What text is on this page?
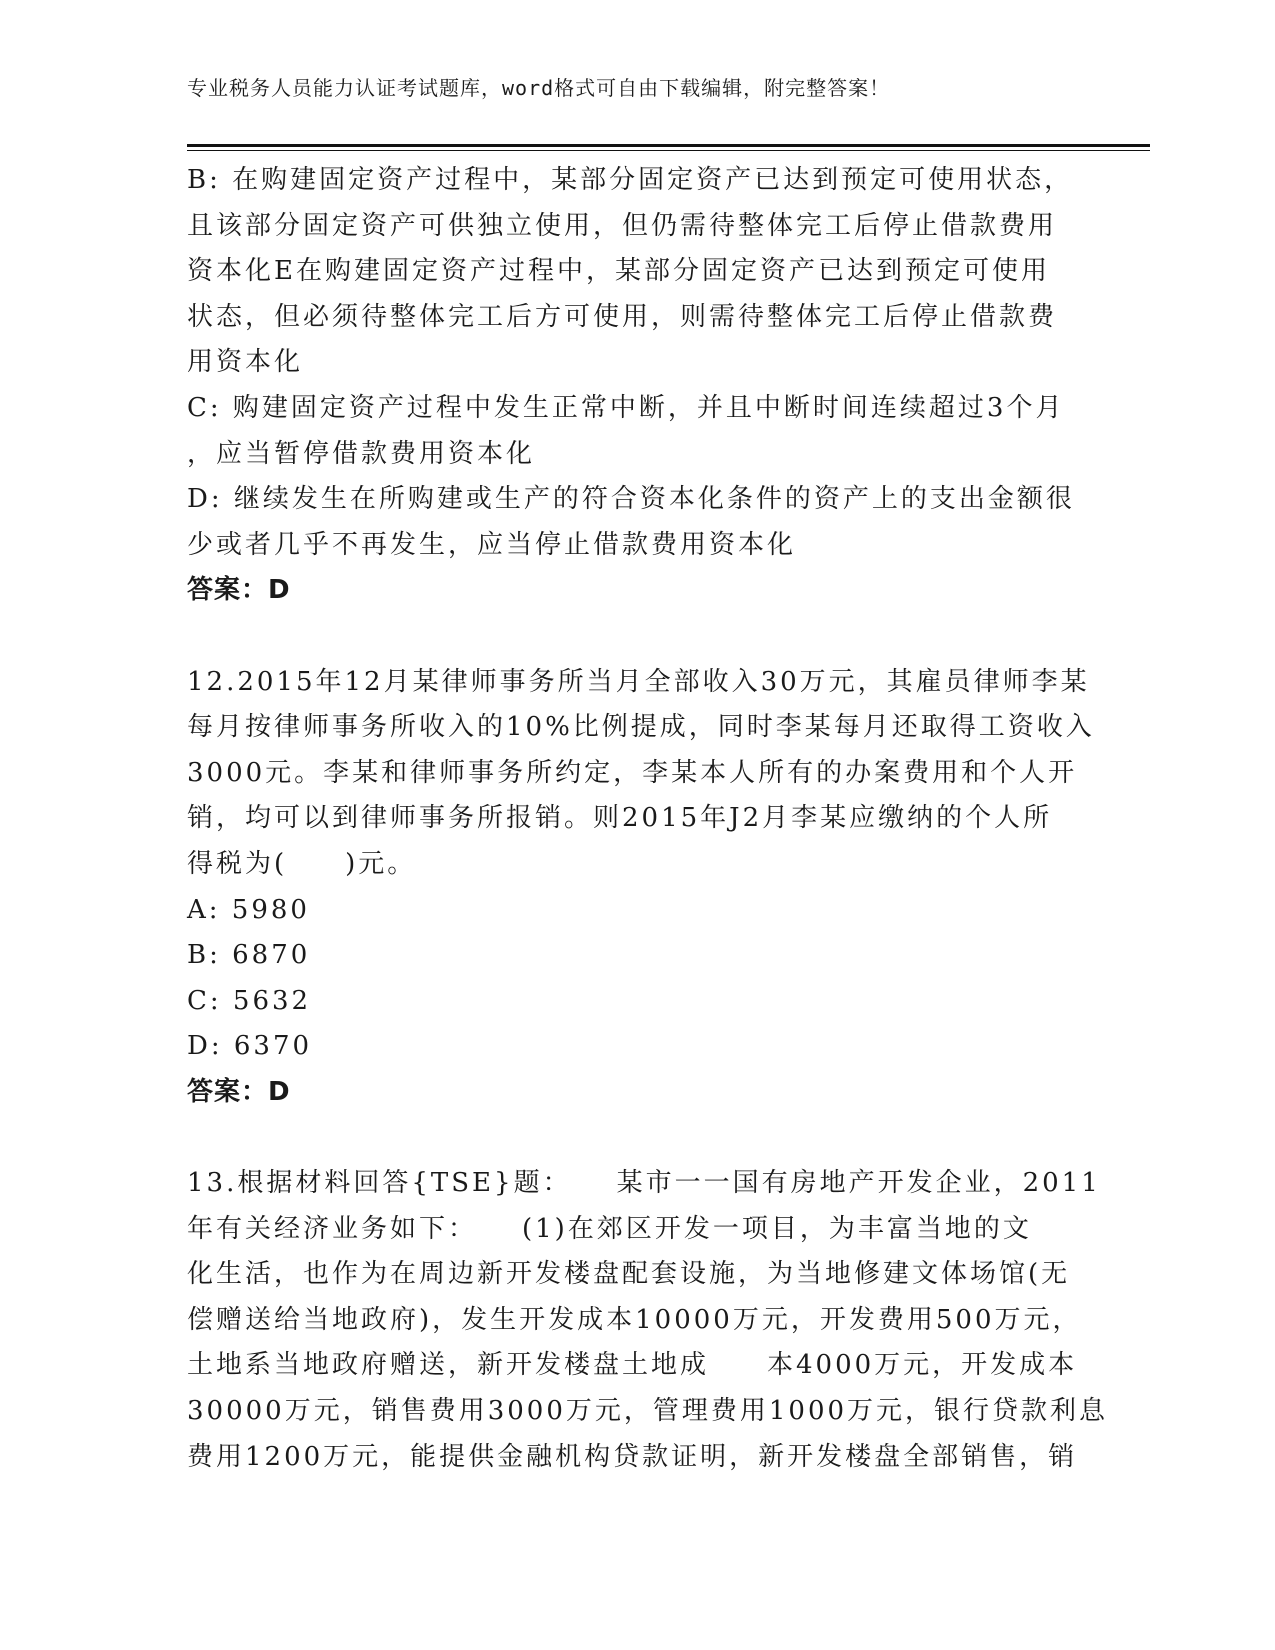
专业税务人员能力认证考试题库，word格式可自由下载编辑，附完整答案！
B: 在购建固定资产过程中，某部分固定资产已达到预定可使用状态，
且该部分固定资产可供独立使用，但仍需待整体完工后停止借款费用
资本化E在购建固定资产过程中，某部分固定资产已达到预定可使用
状态，但必须待整体完工后方可使用，则需待整体完工后停止借款费
用资本化
C: 购建固定资产过程中发生正常中断，并且中断时间连续超过3个月
，应当暂停借款费用资本化
D: 继续发生在所购建或生产的符合资本化条件的资产上的支出金额很
少或者几乎不再发生，应当停止借款费用资本化
答案：D
12.2015年12月某律师事务所当月全部收入30万元，其雇员律师李某
每月按律师事务所收入的10%比例提成，同时李某每月还取得工资收入
3000元。李某和律师事务所约定，李某本人所有的办案费用和个人开
销，均可以到律师事务所报销。则2015年J2月李某应缴纳的个人所
得税为(　　)元。
A: 5980
B: 6870
C: 5632
D: 6370
答案：D
13.根据材料回答{TSE}题：　　某市一一国有房地产开发企业，2011
年有关经济业务如下：　　(1)在郊区开发一项目，为丰富当地的文
化生活，也作为在周边新开发楼盘配套设施，为当地修建文体场馆(无
偿赠送给当地政府)，发生开发成本10000万元，开发费用500万元，
土地系当地政府赠送，新开发楼盘土地成　　本4000万元，开发成本
30000万元，销售费用3000万元，管理费用1000万元，银行贷款利息
费用1200万元，能提供金融机构贷款证明，新开发楼盘全部销售，销
